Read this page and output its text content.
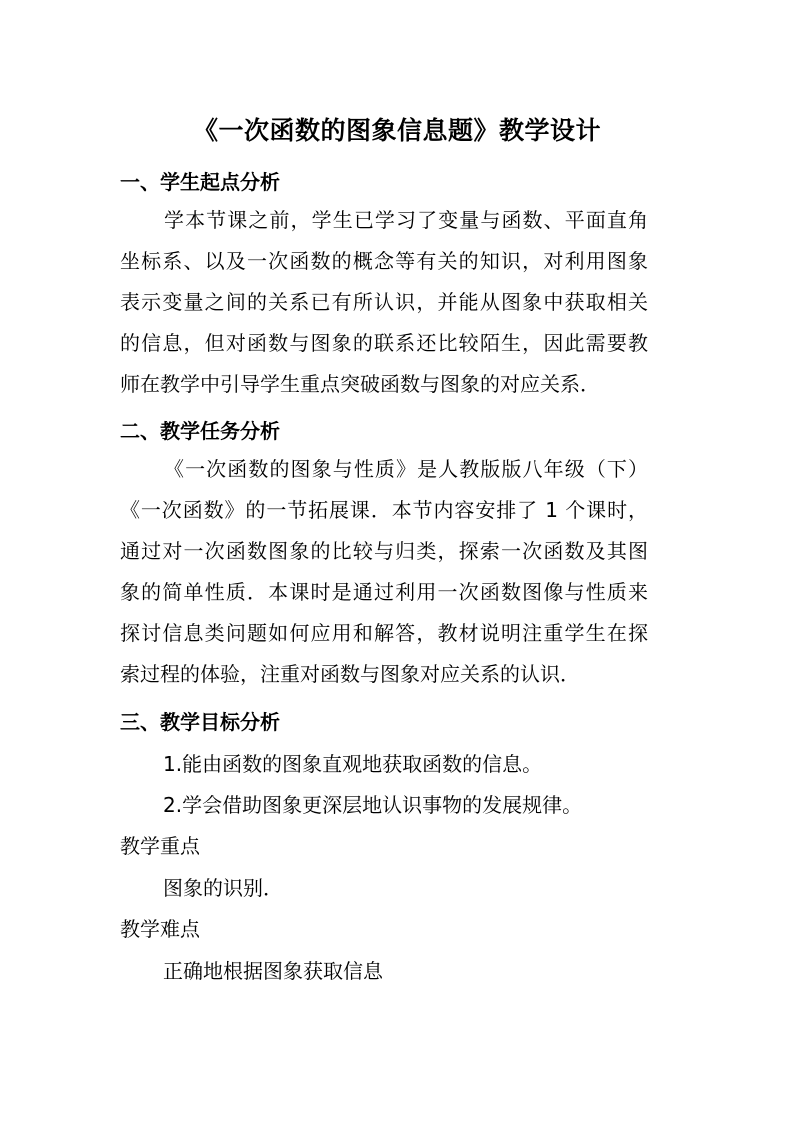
《一次函数的图象信息题》教学设计
一、学生起点分析
学本节课之前，学生已学习了变量与函数、平面直角
坐标系、以及一次函数的概念等有关的知识，对利用图象
表示变量之间的关系已有所认识，并能从图象中获取相关
的信息，但对函数与图象的联系还比较陌生，因此需要教
师在教学中引导学生重点突破函数与图象的对应关系．
二、教学任务分析
《一次函数的图象与性质》是人教版版八年级（下）
《一次函数》的一节拓展课．本节内容安排了 1 个课时，
通过对一次函数图象的比较与归类，探索一次函数及其图
象的简单性质．本课时是通过利用一次函数图像与性质来
探讨信息类问题如何应用和解答，教材说明注重学生在探
索过程的体验，注重对函数与图象对应关系的认识．
三、教学目标分析
1.能由函数的图象直观地获取函数的信息。
2.学会借助图象更深层地认识事物的发展规律。
教学重点
图象的识别．
教学难点
正确地根据图象获取信息
